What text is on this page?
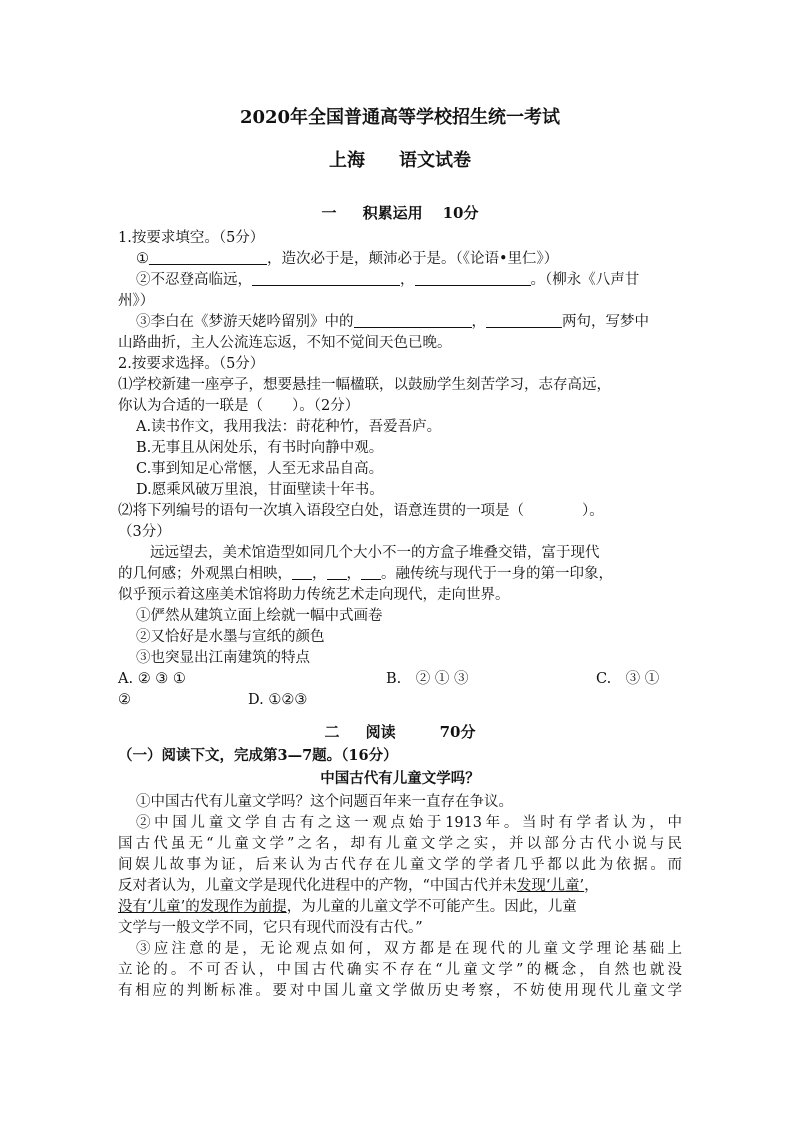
2020年全国普通高等学校招生统一考试
上海 语文试卷
一 积累运用 10分
1.按要求填空。（5分）
①	，造次必于是，颠沛必于是。（《论语•里仁》）
②不忍登高临远，	，	。（柳永《八声甘
州》）
③李白在《梦游天姥吟留别》中的	，	两句，写梦中
山路曲折，主人公流连忘返，不知不觉间天色已晚。
2.按要求选择。（5分）
⑴学校新建一座亭子，想要悬挂一幅楹联，以鼓励学生刻苦学习，志存高远，
你认为合适的一联是（　　）。（2分）
A.读书作文，我用我法：莳花种竹，吾爱吾庐。
B.无事且从闲处乐，有书时向静中观。
C.事到知足心常惬，人至无求品自高。
D.愿乘风破万里浪，甘面壁读十年书。
⑵将下列编号的语句一次填入语段空白处，语意连贯的一项是（　　　　）。
（3分）
远远望去，美术馆造型如同几个大小不一的方盒子堆叠交错，富于现代
的几何感；外观黑白相映， ， ， 。融传统与现代于一身的第一印象，
似乎预示着这座美术馆将助力传统艺术走向现代，走向世界。
①俨然从建筑立面上绘就一幅中式画卷
②又恰好是水墨与宣纸的颜色
③也突显出江南建筑的特点
A. ② ③ ①	B.　② ① ③	C.　③ ①
②	D. ①②③
二 阅读	70分
（一）阅读下文，完成第3—7题。（16分）
中国古代有儿童文学吗？
①中国古代有儿童文学吗？这个问题百年来一直存在争议。
②中国儿童文学自古有之这一观点始于1913年。当时有学者认为，中
国古代虽无“儿童文学”之名，却有儿童文学之实，并以部分古代小说与民
间娱儿故事为证，后来认为古代存在儿童文学的学者几乎都以此为依据。而
反对者认为，儿童文学是现代化进程中的产物，“中国古代并未发现‘儿童’，
没有‘儿童’的发现作为前提，为儿童的儿童文学不可能产生。因此，儿童
文学与一般文学不同，它只有现代而没有古代。”
③应注意的是，无论观点如何，双方都是在现代的儿童文学理论基础上
立论的。不可否认，中国古代确实不存在“儿童文学”的概念，自然也就没
有相应的判断标准。要对中国儿童文学做历史考察，不妨使用现代儿童文学
